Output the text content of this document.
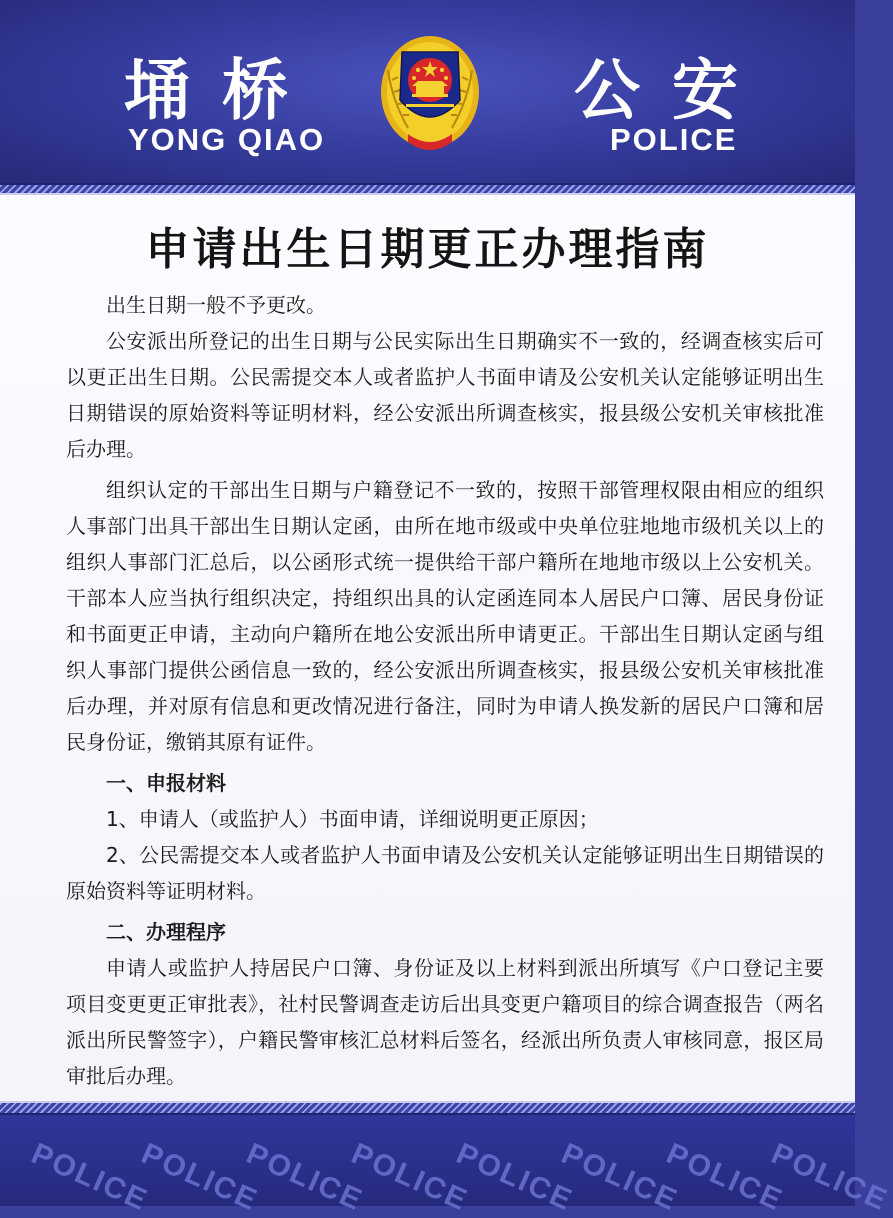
埇桥
YONG QIAO
公安
POLICE
申请出生日期更正办理指南

出生日期一般不予更改。

公安派出所登记的出生日期与公民实际出生日期确实不一致的，经调查核实后可以更正出生日期。公民需提交本人或者监护人书面申请及公安机关认定能够证明出生日期错误的原始资料等证明材料，经公安派出所调查核实，报县级公安机关审核批准后办理。

组织认定的干部出生日期与户籍登记不一致的，按照干部管理权限由相应的组织人事部门出具干部出生日期认定函，由所在地市级或中央单位驻地地市级机关以上的组织人事部门汇总后，以公函形式统一提供给干部户籍所在地地市级以上公安机关。干部本人应当执行组织决定，持组织出具的认定函连同本人居民户口簿、居民身份证和书面更正申请，主动向户籍所在地公安派出所申请更正。干部出生日期认定函与组织人事部门提供公函信息一致的，经公安派出所调查核实，报县级公安机关审核批准后办理，并对原有信息和更改情况进行备注，同时为申请人换发新的居民户口簿和居民身份证，缴销其原有证件。

一、申报材料

1、申请人（或监护人）书面申请，详细说明更正原因；

2、公民需提交本人或者监护人书面申请及公安机关认定能够证明出生日期错误的原始资料等证明材料。

二、办理程序

申请人或监护人持居民户口簿、身份证及以上材料到派出所填写《户口登记主要项目变更更正审批表》，社村民警调查走访后出具变更户籍项目的综合调查报告（两名派出所民警签字），户籍民警审核汇总材料后签名，经派出所负责人审核同意，报区局审批后办理。

POLICE
POLICE
POLICE
POLICE
POLICE
POLICE
POLICE
POLICE
